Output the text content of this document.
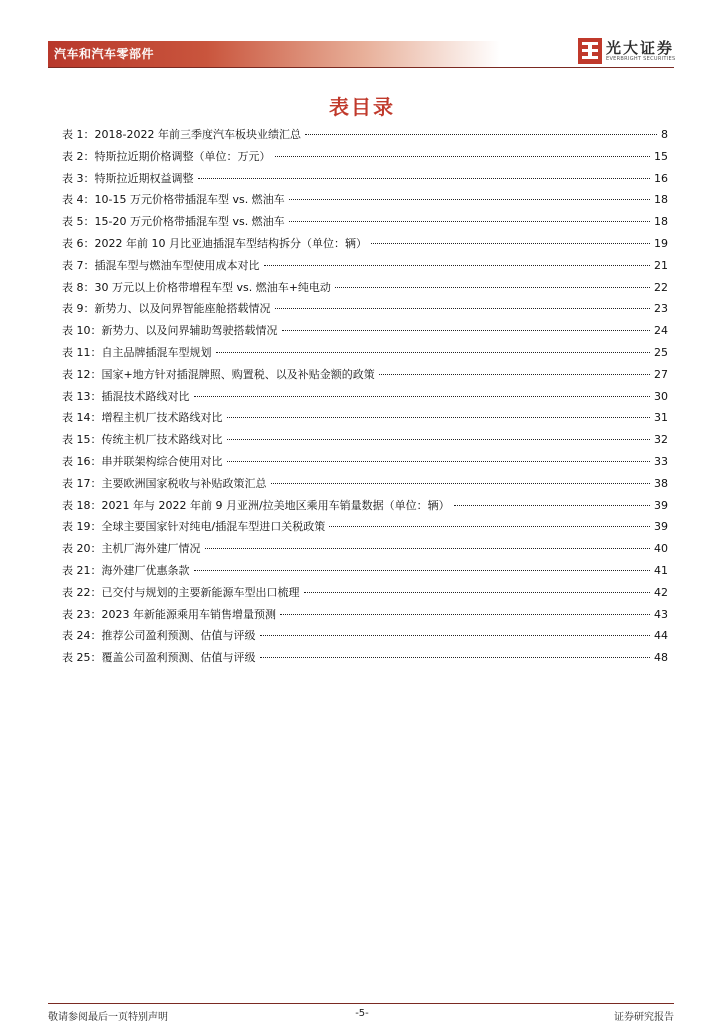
汽车和汽车零部件	光大证券
EVERBRIGHT SECURITIES
表目录
表 1：2018-2022 年前三季度汽车板块业绩汇总	8
表 2：特斯拉近期价格调整（单位：万元）	15
表 3：特斯拉近期权益调整	16
表 4：10-15 万元价格带插混车型 vs. 燃油车	18
表 5：15-20 万元价格带插混车型 vs. 燃油车	18
表 6：2022 年前 10 月比亚迪插混车型结构拆分（单位：辆）	19
表 7：插混车型与燃油车型使用成本对比	21
表 8：30 万元以上价格带增程车型 vs. 燃油车+纯电动	22
表 9：新势力、以及问界智能座舱搭载情况	23
表 10：新势力、以及问界辅助驾驶搭载情况	24
表 11：自主品牌插混车型规划	25
表 12：国家+地方针对插混牌照、购置税、以及补贴金额的政策	27
表 13：插混技术路线对比	30
表 14：增程主机厂技术路线对比	31
表 15：传统主机厂技术路线对比	32
表 16：串并联架构综合使用对比	33
表 17：主要欧洲国家税收与补贴政策汇总	38
表 18：2021 年与 2022 年前 9 月亚洲/拉美地区乘用车销量数据（单位：辆）	39
表 19：全球主要国家针对纯电/插混车型进口关税政策	39
表 20：主机厂海外建厂情况	40
表 21：海外建厂优惠条款	41
表 22：已交付与规划的主要新能源车型出口梳理	42
表 23：2023 年新能源乘用车销售增量预测	43
表 24：推荐公司盈利预测、估值与评级	44
表 25：覆盖公司盈利预测、估值与评级	48
敬请参阅最后一页特别声明	-5-	证券研究报告
